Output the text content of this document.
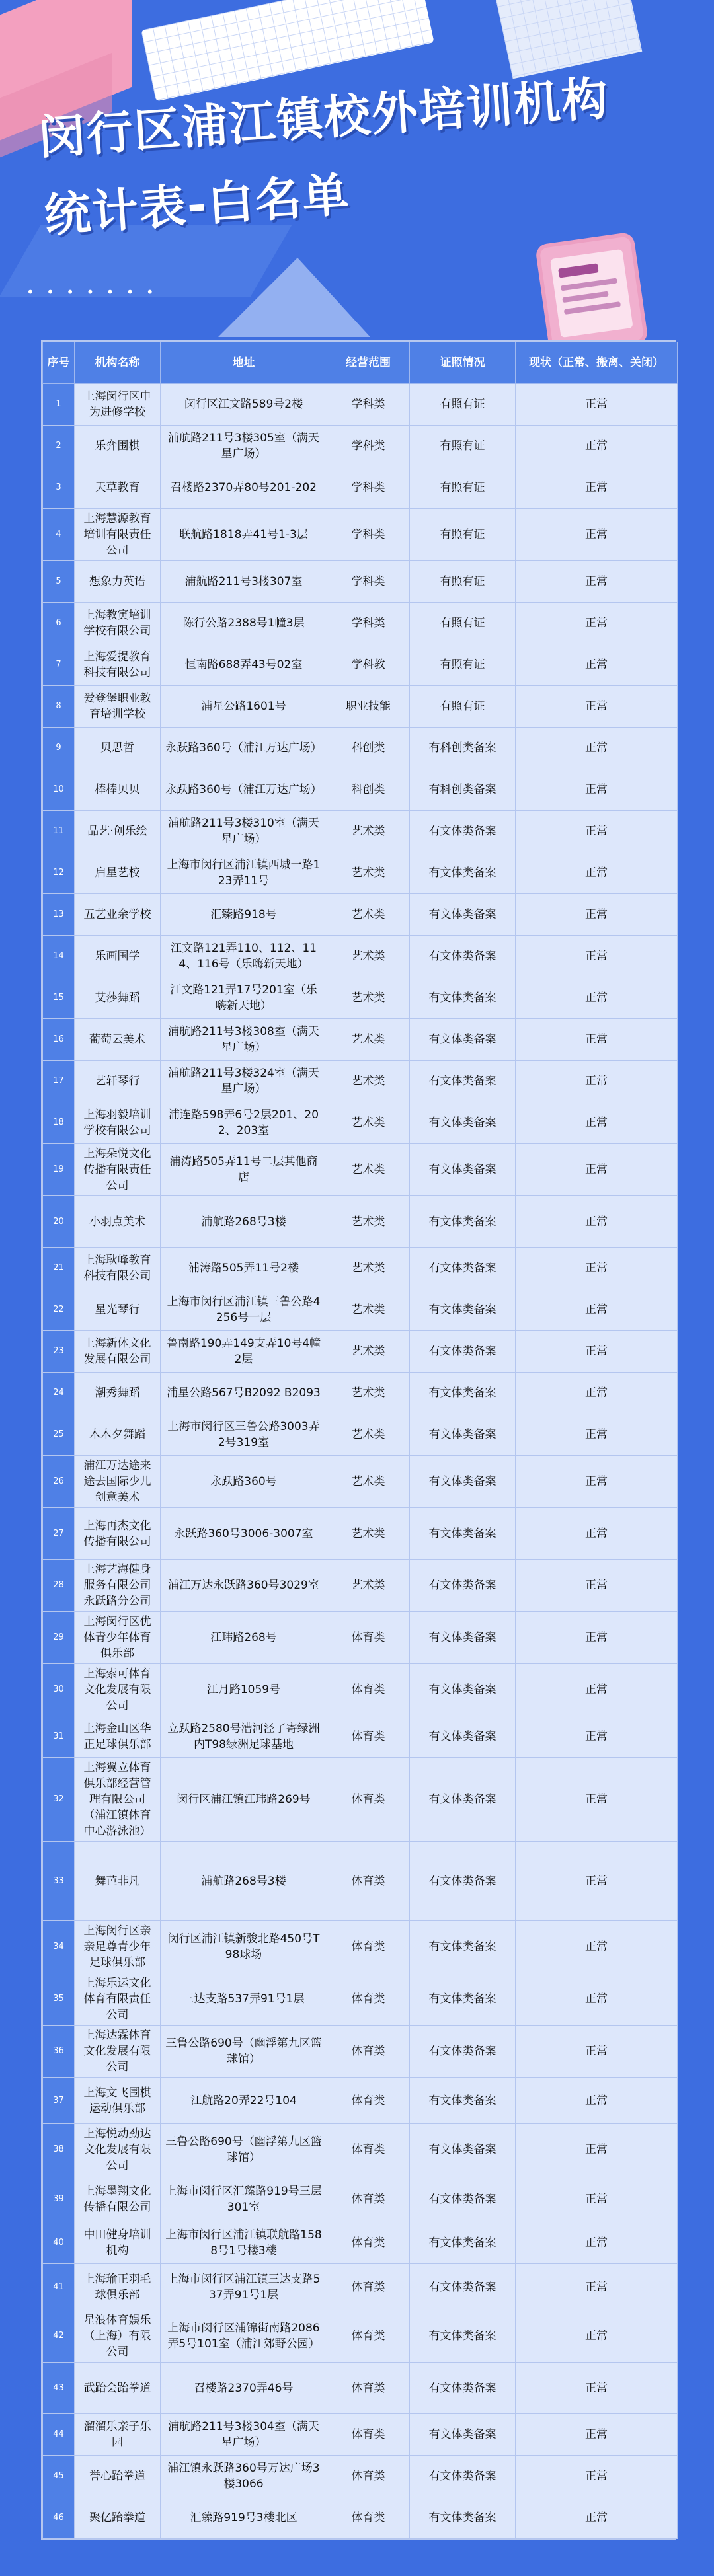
• • • • • • •
闵行区浦江镇校外培训机构
统计表-白名单
序号	机构名称	地址	经营范围	证照情况	现状（正常、搬离、关闭）
1	上海闵行区申为进修学校	闵行区江文路589号2楼	学科类	有照有证	正常
2	乐弈围棋	浦航路211号3楼305室（满天星广场）	学科类	有照有证	正常
3	天草教育	召楼路2370弄80号201-202	学科类	有照有证	正常
4	上海慧源教育培训有限责任公司	联航路1818弄41号1-3层	学科类	有照有证	正常
5	想象力英语	浦航路211号3楼307室	学科类	有照有证	正常
6	上海教寅培训学校有限公司	陈行公路2388号1幢3层	学科类	有照有证	正常
7	上海爱提教育科技有限公司	恒南路688弄43号02室	学科教	有照有证	正常
8	爱登堡职业教育培训学校	浦星公路1601号	职业技能	有照有证	正常
9	贝思哲	永跃路360号（浦江万达广场）	科创类	有科创类备案	正常
10	棒棒贝贝	永跃路360号（浦江万达广场）	科创类	有科创类备案	正常
11	品艺·创乐绘	浦航路211号3楼310室（满天星广场）	艺术类	有文体类备案	正常
12	启星艺校	上海市闵行区浦江镇西城一路123弄11号	艺术类	有文体类备案	正常
13	五艺业余学校	汇臻路918号	艺术类	有文体类备案	正常
14	乐画国学	江文路121弄110、112、114、116号（乐嗨新天地）	艺术类	有文体类备案	正常
15	艾莎舞蹈	江文路121弄17号201室（乐嗨新天地）	艺术类	有文体类备案	正常
16	葡萄云美术	浦航路211号3楼308室（满天星广场）	艺术类	有文体类备案	正常
17	艺轩琴行	浦航路211号3楼324室（满天星广场）	艺术类	有文体类备案	正常
18	上海羽毅培训学校有限公司	浦连路598弄6号2层201、202、203室	艺术类	有文体类备案	正常
19	上海朵悦文化传播有限责任公司	浦涛路505弄11号二层其他商店	艺术类	有文体类备案	正常
20	小羽点美术	浦航路268号3楼	艺术类	有文体类备案	正常
21	上海耿峰教育科技有限公司	浦涛路505弄11号2楼	艺术类	有文体类备案	正常
22	星光琴行	上海市闵行区浦江镇三鲁公路4256号一层	艺术类	有文体类备案	正常
23	上海新体文化发展有限公司	鲁南路190弄149支弄10号4幢2层	艺术类	有文体类备案	正常
24	潮秀舞蹈	浦星公路567号B2092 B2093	艺术类	有文体类备案	正常
25	木木夕舞蹈	上海市闵行区三鲁公路3003弄2号319室	艺术类	有文体类备案	正常
26	浦江万达途来途去国际少儿创意美术	永跃路360号	艺术类	有文体类备案	正常
27	上海再杰文化传播有限公司	永跃路360号3006-3007室	艺术类	有文体类备案	正常
28	上海艺海健身服务有限公司永跃路分公司	浦江万达永跃路360号3029室	艺术类	有文体类备案	正常
29	上海闵行区优体青少年体育俱乐部	江玮路268号	体育类	有文体类备案	正常
30	上海索可体育文化发展有限公司	江月路1059号	体育类	有文体类备案	正常
31	上海金山区华正足球俱乐部	立跃路2580号漕河泾了寄绿洲内T98绿洲足球基地	体育类	有文体类备案	正常
32	上海翼立体育俱乐部经营管理有限公司（浦江镇体育中心游泳池）	闵行区浦江镇江玮路269号	体育类	有文体类备案	正常
33	舞芭非凡	浦航路268号3楼	体育类	有文体类备案	正常
34	上海闵行区亲亲足尊青少年足球俱乐部	闵行区浦江镇新骏北路450号T98球场	体育类	有文体类备案	正常
35	上海乐运文化体育有限责任公司	三达支路537弄91号1层	体育类	有文体类备案	正常
36	上海达霖体育文化发展有限公司	三鲁公路690号（幽浮第九区篮球馆）	体育类	有文体类备案	正常
37	上海文飞围棋运动俱乐部	江航路20弄22号104	体育类	有文体类备案	正常
38	上海悦动劲达文化发展有限公司	三鲁公路690号（幽浮第九区篮球馆）	体育类	有文体类备案	正常
39	上海墨翔文化传播有限公司	上海市闵行区汇臻路919号三层301室	体育类	有文体类备案	正常
40	中田健身培训机构	上海市闵行区浦江镇联航路1588号1号楼3楼	体育类	有文体类备案	正常
41	上海瑜正羽毛球俱乐部	上海市闵行区浦江镇三达支路537弄91号1层	体育类	有文体类备案	正常
42	星浪体育娱乐（上海）有限公司	上海市闵行区浦锦街南路2086弄5号101室（浦江郊野公园）	体育类	有文体类备案	正常
43	武跆会跆拳道	召楼路2370弄46号	体育类	有文体类备案	正常
44	溜溜乐亲子乐园	浦航路211号3楼304室（满天星广场）	体育类	有文体类备案	正常
45	誉心跆拳道	浦江镇永跃路360号万达广场3楼3066	体育类	有文体类备案	正常
46	聚亿跆拳道	汇臻路919号3楼北区	体育类	有文体类备案	正常
